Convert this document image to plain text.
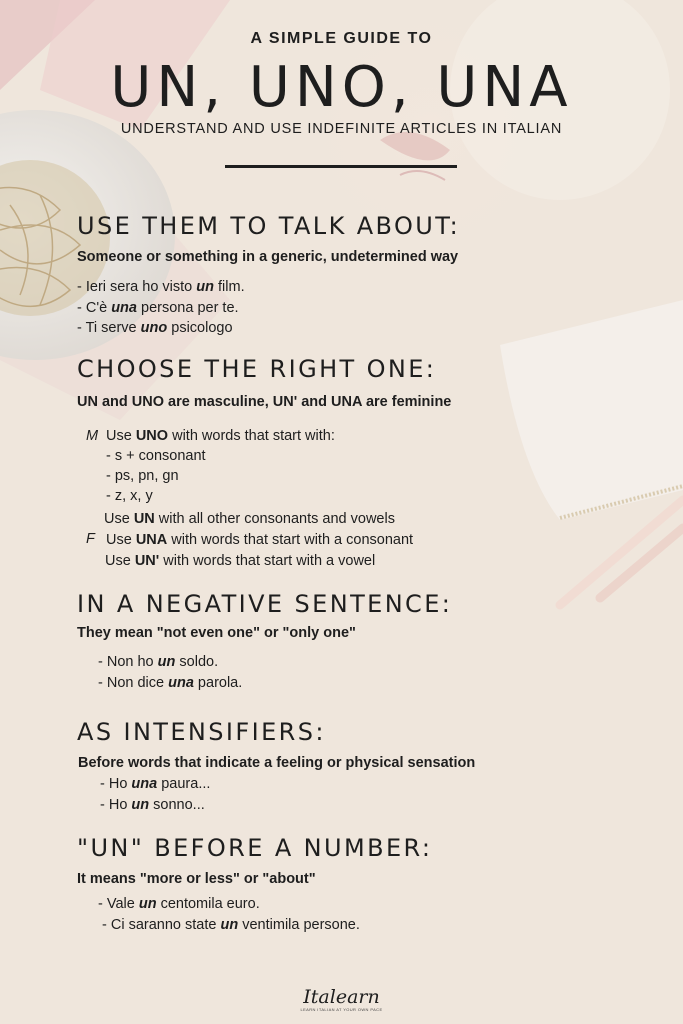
A SIMPLE GUIDE TO
UN, UNO, UNA
UNDERSTAND AND USE INDEFINITE ARTICLES IN ITALIAN
USE THEM TO TALK ABOUT:
Someone or something in a generic, undetermined way
- Ieri sera ho visto un film.
- C'è una persona per te.
- Ti serve uno psicologo
CHOOSE THE RIGHT ONE:
UN and UNO are masculine, UN' and UNA are feminine
M
F
Use UNO with words that start with:
- s + consonant
- ps, pn, gn
- z, x, y
Use UN with all other consonants and vowels
Use UNA with words that start with a consonant
Use UN' with words that start with a vowel
IN A NEGATIVE SENTENCE:
They mean "not even one" or "only one"
- Non ho un soldo.
- Non dice una parola.
AS INTENSIFIERS:
Before words that indicate a feeling or physical sensation
- Ho una paura...
- Ho un sonno...
"UN" BEFORE A NUMBER:
It means "more or less" or "about"
- Vale un centomila euro.
- Ci saranno state un ventimila persone.
Italearn
LEARN ITALIAN AT YOUR OWN PACE
